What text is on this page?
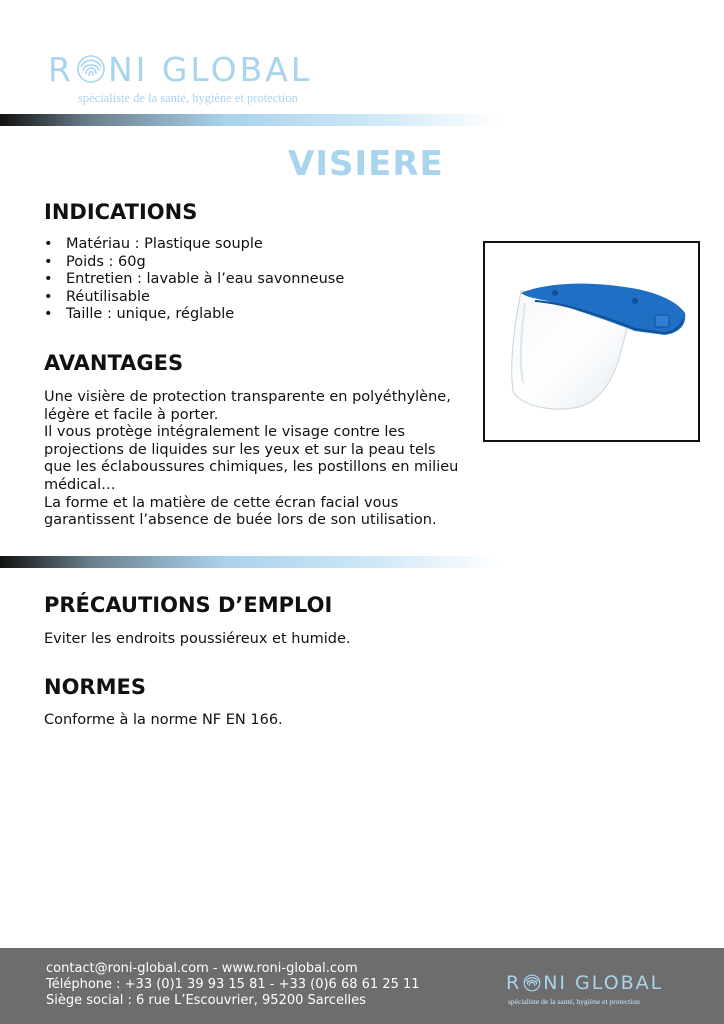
R NI GLOBAL
spécialiste de la santé, hygiène et protection
VISIERE
INDICATIONS
• Matériau : Plastique souple
• Poids : 60g
• Entretien : lavable à l’eau savonneuse
• Réutilisable
• Taille : unique, réglable
AVANTAGES
Une visière de protection transparente en polyéthylène,
légère et facile à porter.
Il vous protège intégralement le visage contre les
projections de liquides sur les yeux et sur la peau tels
que les éclaboussures chimiques, les postillons en milieu
médical…
La forme et la matière de cette écran facial vous
garantissent l’absence de buée lors de son utilisation.
PRÉCAUTIONS D’EMPLOI
Eviter les endroits poussiéreux et humide.
NORMES
Conforme à la norme NF EN 166.
contact@roni-global.com - www.roni-global.com
Téléphone : +33 (0)1 39 93 15 81 - +33 (0)6 68 61 25 11
Siège social : 6 rue L’Escouvrier, 95200 Sarcelles
R NI GLOBAL
spécialiste de la santé, hygiène et protection
